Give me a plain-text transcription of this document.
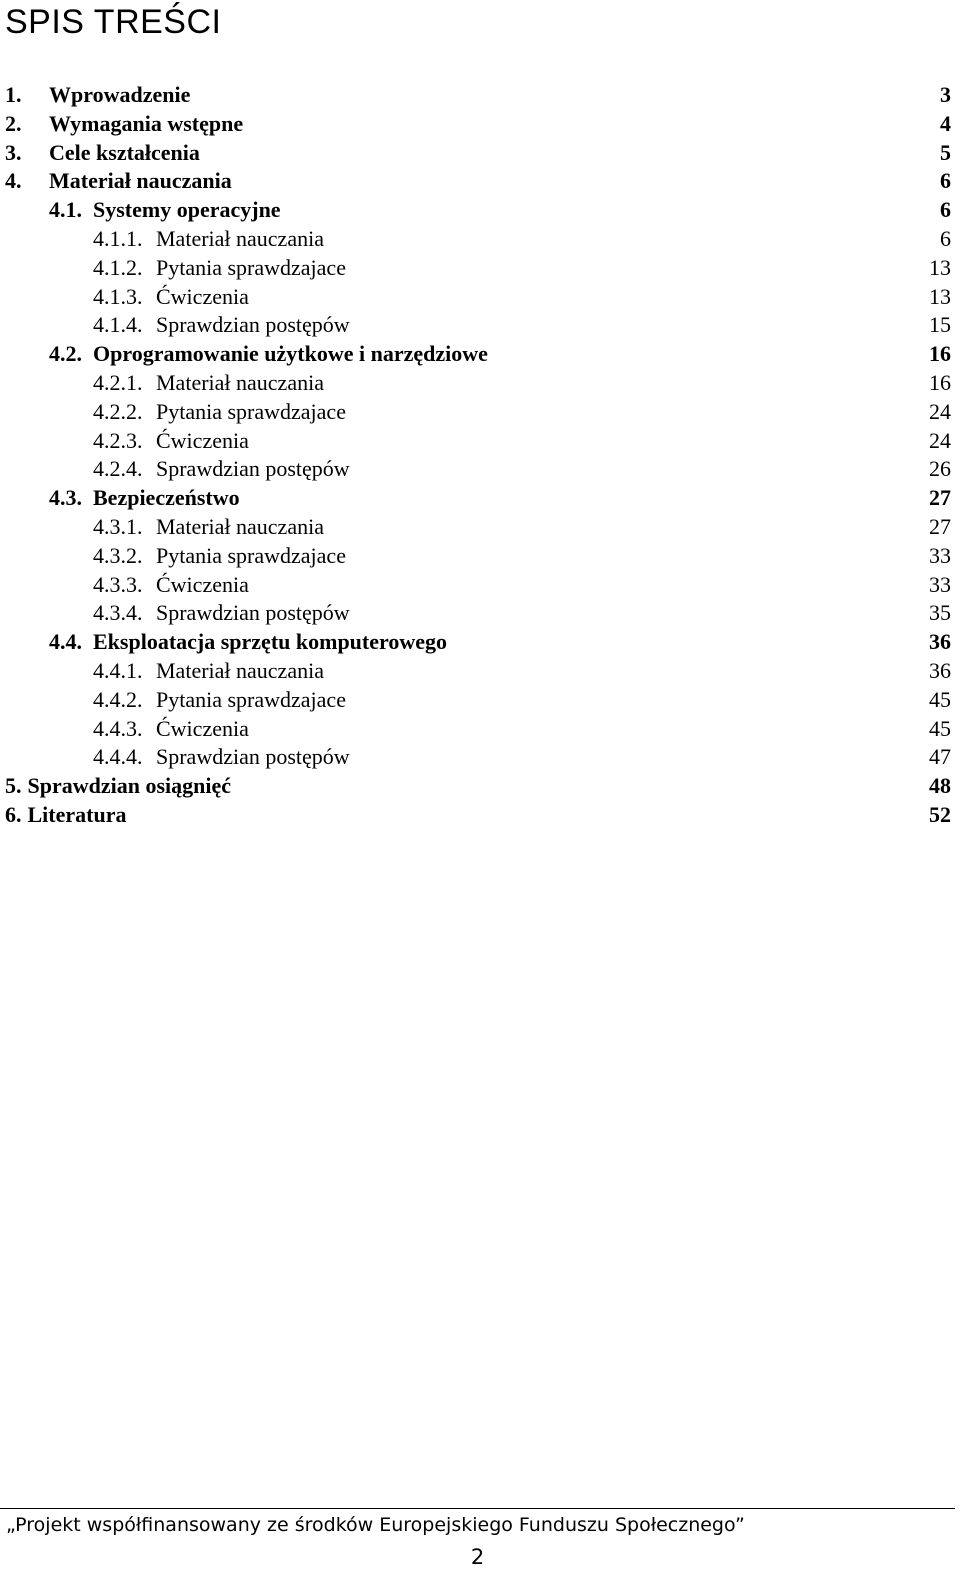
SPIS TREŚCI
1. Wprowadzenie	3
2. Wymagania wstępne	4
3. Cele kształcenia	5
4. Materiał nauczania	6
4.1. Systemy operacyjne	6
4.1.1. Materiał nauczania	6
4.1.2. Pytania sprawdzajace	13
4.1.3. Ćwiczenia	13
4.1.4. Sprawdzian postępów	15
4.2. Oprogramowanie użytkowe i narzędziowe	16
4.2.1. Materiał nauczania	16
4.2.2. Pytania sprawdzajace	24
4.2.3. Ćwiczenia	24
4.2.4. Sprawdzian postępów	26
4.3. Bezpieczeństwo	27
4.3.1. Materiał nauczania	27
4.3.2. Pytania sprawdzajace	33
4.3.3. Ćwiczenia	33
4.3.4. Sprawdzian postępów	35
4.4. Eksploatacja sprzętu komputerowego	36
4.4.1. Materiał nauczania	36
4.4.2. Pytania sprawdzajace	45
4.4.3. Ćwiczenia	45
4.4.4. Sprawdzian postępów	47
5. Sprawdzian osiągnięć	48
6. Literatura	52
„Projekt współfinansowany ze środków Europejskiego Funduszu Społecznego”
2
